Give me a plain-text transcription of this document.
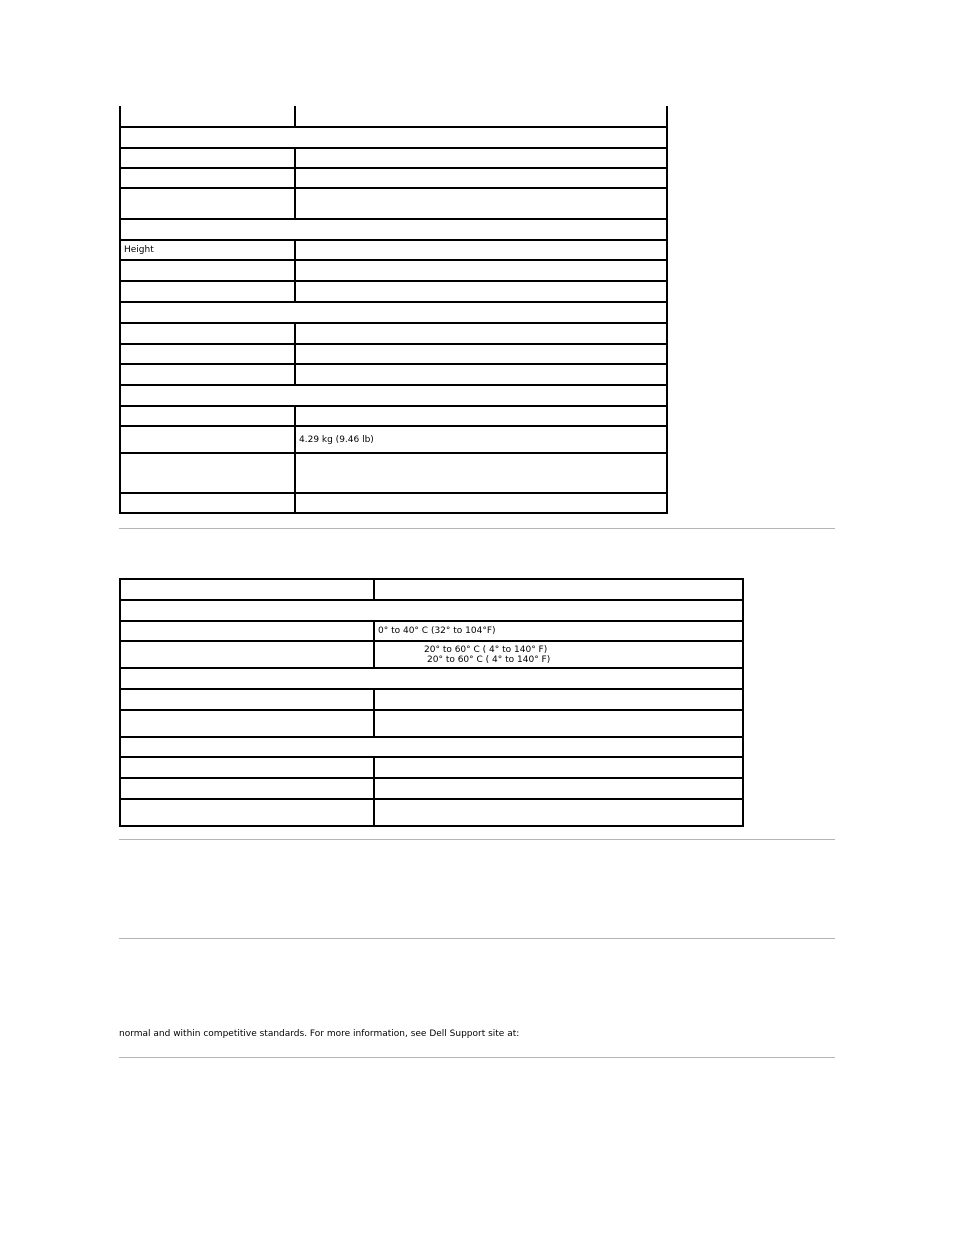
Height	

	4.29 kg (9.46 lb)

	0° to 40° C (32° to 104°F)

	20° to 60° C ( 4° to 140° F)
20° to 60° C ( 4° to 140° F)

normal and within competitive standards. For more information, see Dell Support site at:
